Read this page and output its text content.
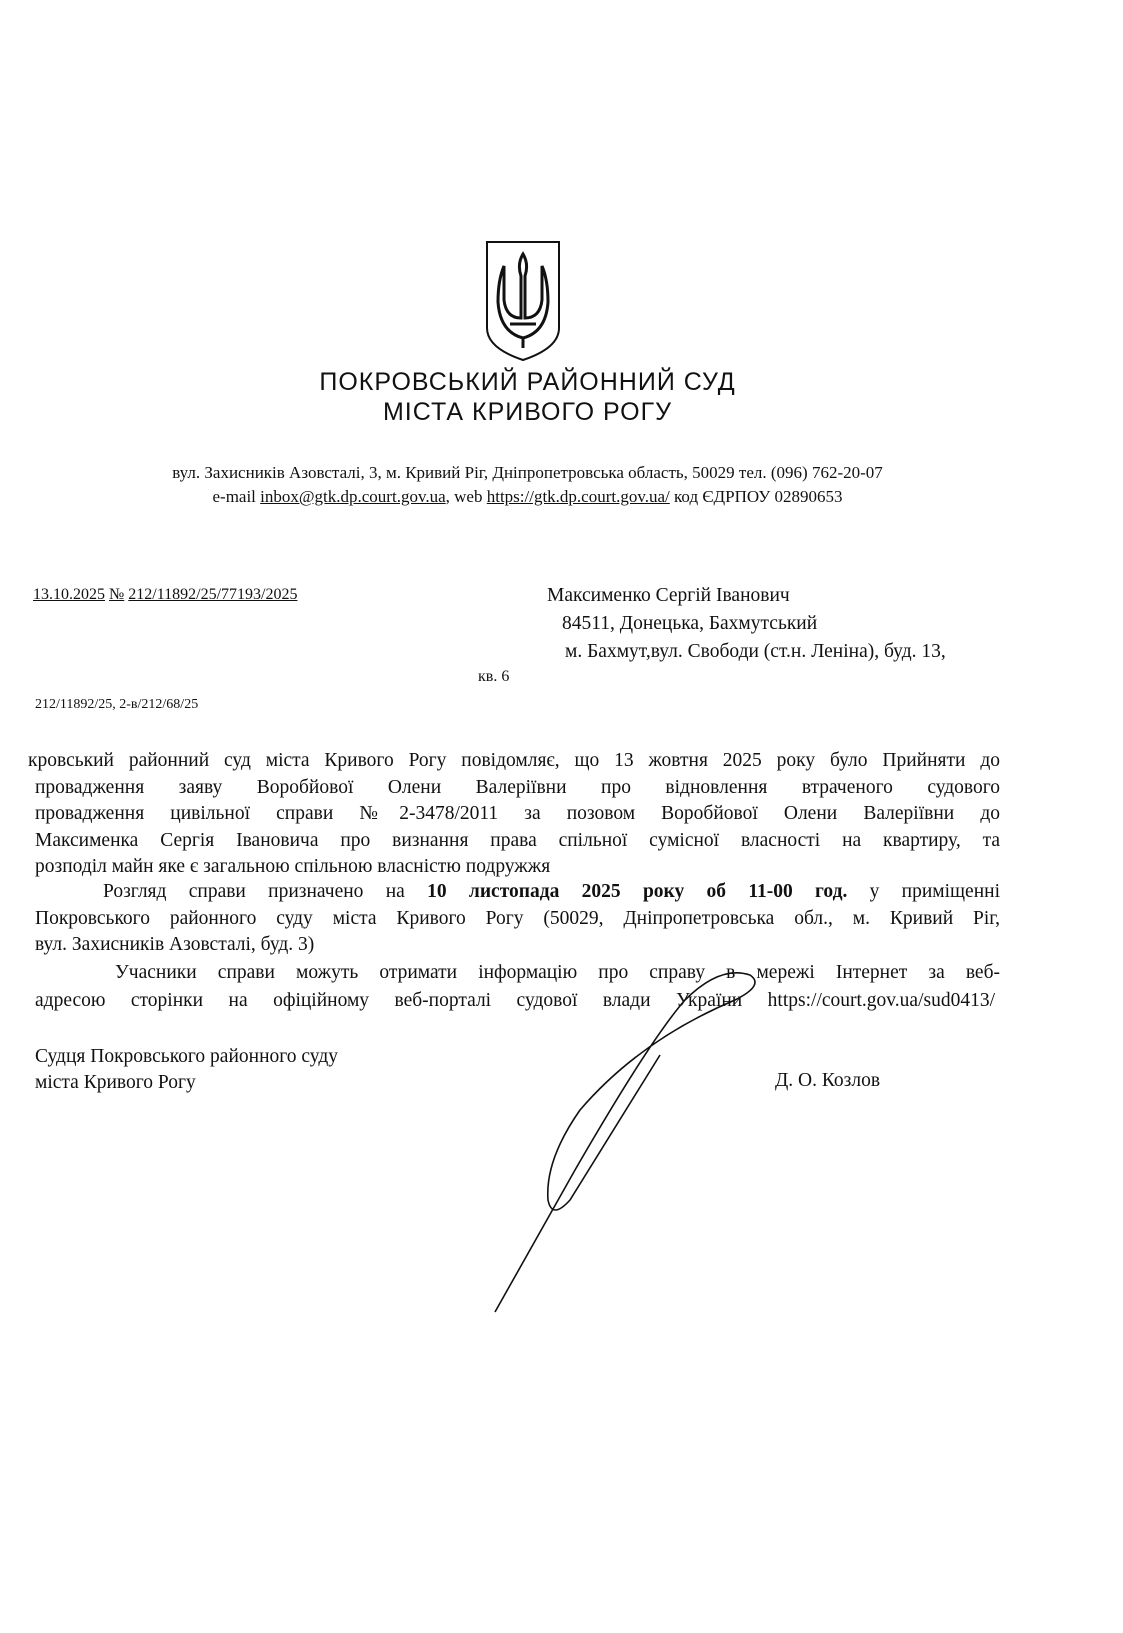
ПОКРОВСЬКИЙ РАЙОННИЙ СУД
МІСТА КРИВОГО РОГУ
вул. Захисників Азовсталі, 3, м. Кривий Ріг, Дніпропетровська область, 50029 тел. (096) 762-20-07
e-mail inbox@gtk.dp.court.gov.ua, web https://gtk.dp.court.gov.ua/ код ЄДРПОУ 02890653
13.10.2025 № 212/11892/25/77193/2025	Максименко Сергій Іванович
84511, Донецька, Бахмутський
м. Бахмут,вул. Свободи (ст.н. Леніна), буд. 13,
кв. 6
212/11892/25, 2-в/212/68/25
кровський районний суд міста Кривого Рогу повідомляє, що 13 жовтня 2025 року було Прийняти до
провадження заяву Воробйової Олени Валеріївни про відновлення втраченого судового
провадження цивільної справи №2-3478/2011 за позовом Воробйової Олени Валеріївни до
Максименка Сергія Івановича про визнання права спільної сумісної власності на квартиру, та
розподіл майн яке є загальною спільною власністю подружжя
Розгляд справи призначено на 10 листопада 2025 року об 11-00 год. у приміщенні
Покровського районного суду міста Кривого Рогу (50029, Дніпропетровська обл., м. Кривий Ріг,
вул. Захисників Азовсталі, буд. 3)
Учасники справи можуть отримати інформацію про справу в мережі Інтернет за веб-
адресою сторінки на офіційному веб-порталі судової влади України https://court.gov.ua/sud0413/
Судця Покровського районного суду
міста Кривого Рогу	Д. О. Козлов
